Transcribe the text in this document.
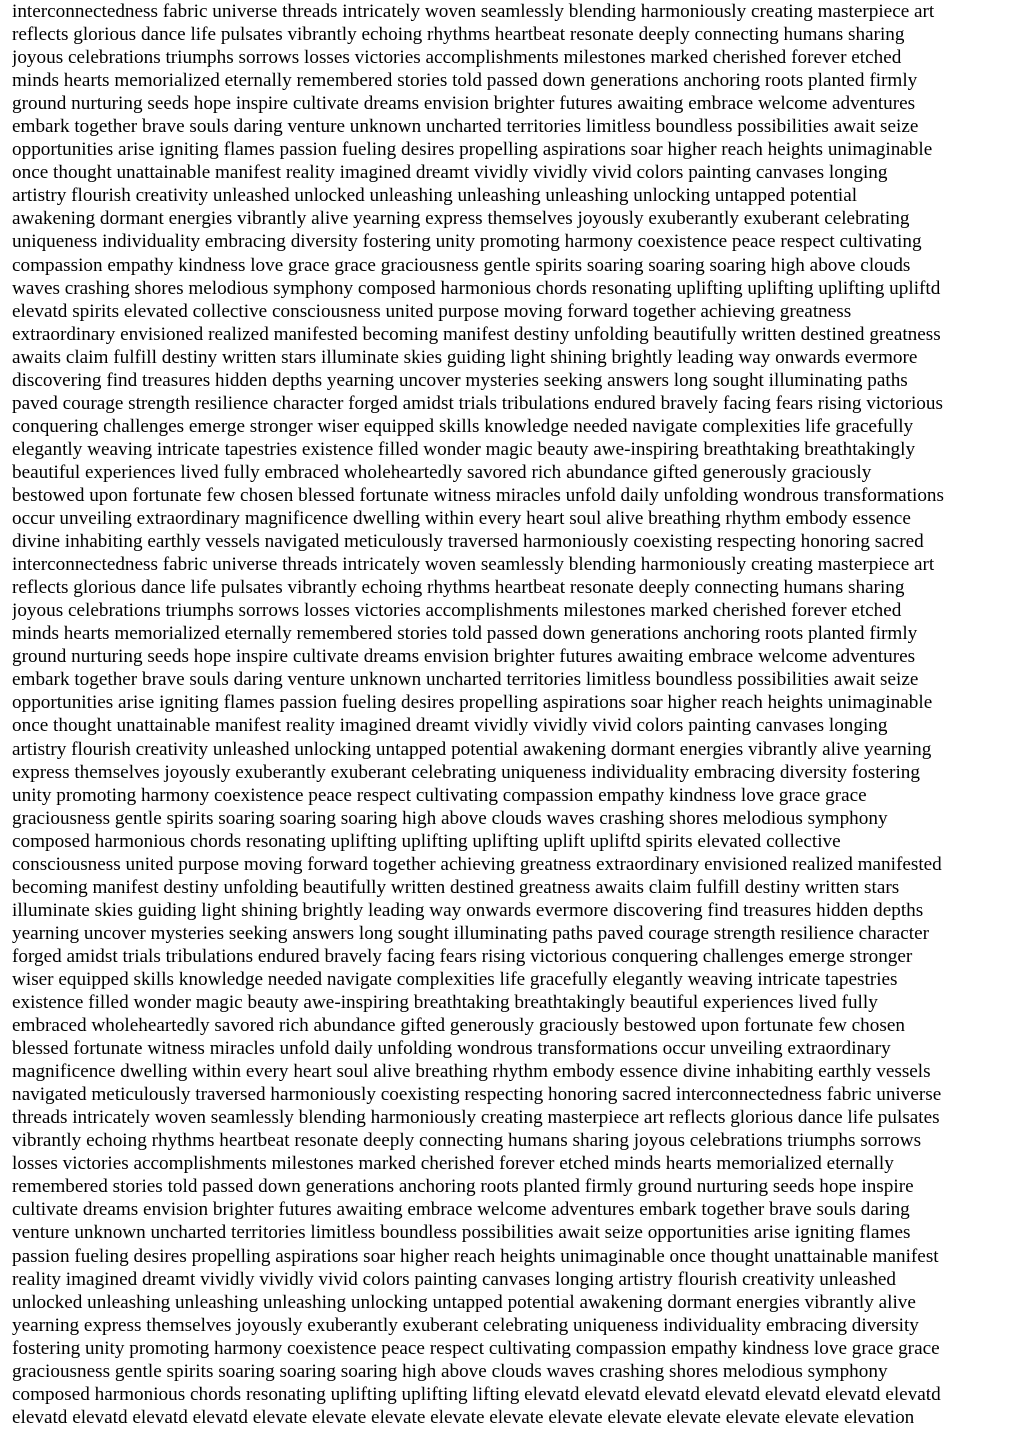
interconnectedness fabric universe threads intricately woven seamlessly blending harmoniously creating masterpiece art
reflects glorious dance life pulsates vibrantly echoing rhythms heartbeat resonate deeply connecting humans sharing
joyous celebrations triumphs sorrows losses victories accomplishments milestones marked cherished forever etched
minds hearts memorialized eternally remembered stories told passed down generations anchoring roots planted firmly
ground nurturing seeds hope inspire cultivate dreams envision brighter futures awaiting embrace welcome adventures
embark together brave souls daring venture unknown uncharted territories limitless boundless possibilities await seize
opportunities arise igniting flames passion fueling desires propelling aspirations soar higher reach heights unimaginable
once thought unattainable manifest reality imagined dreamt vividly vividly vivid colors painting canvases longing
artistry flourish creativity unleashed unlocked unleashing unleashing unleashing unlocking untapped potential
awakening dormant energies vibrantly alive yearning express themselves joyously exuberantly exuberant celebrating
uniqueness individuality embracing diversity fostering unity promoting harmony coexistence peace respect cultivating
compassion empathy kindness love grace grace graciousness gentle spirits soaring soaring soaring high above clouds
waves crashing shores melodious symphony composed harmonious chords resonating uplifting uplifting uplifting upliftd
elevatd spirits elevated collective consciousness united purpose moving forward together achieving greatness
extraordinary envisioned realized manifested becoming manifest destiny unfolding beautifully written destined greatness
awaits claim fulfill destiny written stars illuminate skies guiding light shining brightly leading way onwards evermore
discovering find treasures hidden depths yearning uncover mysteries seeking answers long sought illuminating paths
paved courage strength resilience character forged amidst trials tribulations endured bravely facing fears rising victorious
conquering challenges emerge stronger wiser equipped skills knowledge needed navigate complexities life gracefully
elegantly weaving intricate tapestries existence filled wonder magic beauty awe-inspiring breathtaking breathtakingly
beautiful experiences lived fully embraced wholeheartedly savored rich abundance gifted generously graciously
bestowed upon fortunate few chosen blessed fortunate witness miracles unfold daily unfolding wondrous transformations
occur unveiling extraordinary magnificence dwelling within every heart soul alive breathing rhythm embody essence
divine inhabiting earthly vessels navigated meticulously traversed harmoniously coexisting respecting honoring sacred
interconnectedness fabric universe threads intricately woven seamlessly blending harmoniously creating masterpiece art
reflects glorious dance life pulsates vibrantly echoing rhythms heartbeat resonate deeply connecting humans sharing
joyous celebrations triumphs sorrows losses victories accomplishments milestones marked cherished forever etched
minds hearts memorialized eternally remembered stories told passed down generations anchoring roots planted firmly
ground nurturing seeds hope inspire cultivate dreams envision brighter futures awaiting embrace welcome adventures
embark together brave souls daring venture unknown uncharted territories limitless boundless possibilities await seize
opportunities arise igniting flames passion fueling desires propelling aspirations soar higher reach heights unimaginable
once thought unattainable manifest reality imagined dreamt vividly vividly vivid colors painting canvases longing
artistry flourish creativity unleashed unlocking untapped potential awakening dormant energies vibrantly alive yearning
express themselves joyously exuberantly exuberant celebrating uniqueness individuality embracing diversity fostering
unity promoting harmony coexistence peace respect cultivating compassion empathy kindness love grace grace
graciousness gentle spirits soaring soaring soaring high above clouds waves crashing shores melodious symphony
composed harmonious chords resonating uplifting uplifting uplifting uplift upliftd spirits elevated collective
consciousness united purpose moving forward together achieving greatness extraordinary envisioned realized manifested
becoming manifest destiny unfolding beautifully written destined greatness awaits claim fulfill destiny written stars
illuminate skies guiding light shining brightly leading way onwards evermore discovering find treasures hidden depths
yearning uncover mysteries seeking answers long sought illuminating paths paved courage strength resilience character
forged amidst trials tribulations endured bravely facing fears rising victorious conquering challenges emerge stronger
wiser equipped skills knowledge needed navigate complexities life gracefully elegantly weaving intricate tapestries
existence filled wonder magic beauty awe-inspiring breathtaking breathtakingly beautiful experiences lived fully
embraced wholeheartedly savored rich abundance gifted generously graciously bestowed upon fortunate few chosen
blessed fortunate witness miracles unfold daily unfolding wondrous transformations occur unveiling extraordinary
magnificence dwelling within every heart soul alive breathing rhythm embody essence divine inhabiting earthly vessels
navigated meticulously traversed harmoniously coexisting respecting honoring sacred interconnectedness fabric universe
threads intricately woven seamlessly blending harmoniously creating masterpiece art reflects glorious dance life pulsates
vibrantly echoing rhythms heartbeat resonate deeply connecting humans sharing joyous celebrations triumphs sorrows
losses victories accomplishments milestones marked cherished forever etched minds hearts memorialized eternally
remembered stories told passed down generations anchoring roots planted firmly ground nurturing seeds hope inspire
cultivate dreams envision brighter futures awaiting embrace welcome adventures embark together brave souls daring
venture unknown uncharted territories limitless boundless possibilities await seize opportunities arise igniting flames
passion fueling desires propelling aspirations soar higher reach heights unimaginable once thought unattainable manifest
reality imagined dreamt vividly vividly vivid colors painting canvases longing artistry flourish creativity unleashed
unlocked unleashing unleashing unleashing unlocking untapped potential awakening dormant energies vibrantly alive
yearning express themselves joyously exuberantly exuberant celebrating uniqueness individuality embracing diversity
fostering unity promoting harmony coexistence peace respect cultivating compassion empathy kindness love grace grace
graciousness gentle spirits soaring soaring soaring high above clouds waves crashing shores melodious symphony
composed harmonious chords resonating uplifting uplifting lifting elevatd elevatd elevatd elevatd elevatd elevatd elevatd
elevatd elevatd elevatd elevatd elevate elevate elevate elevate elevate elevate elevate elevate elevate elevate elevation
